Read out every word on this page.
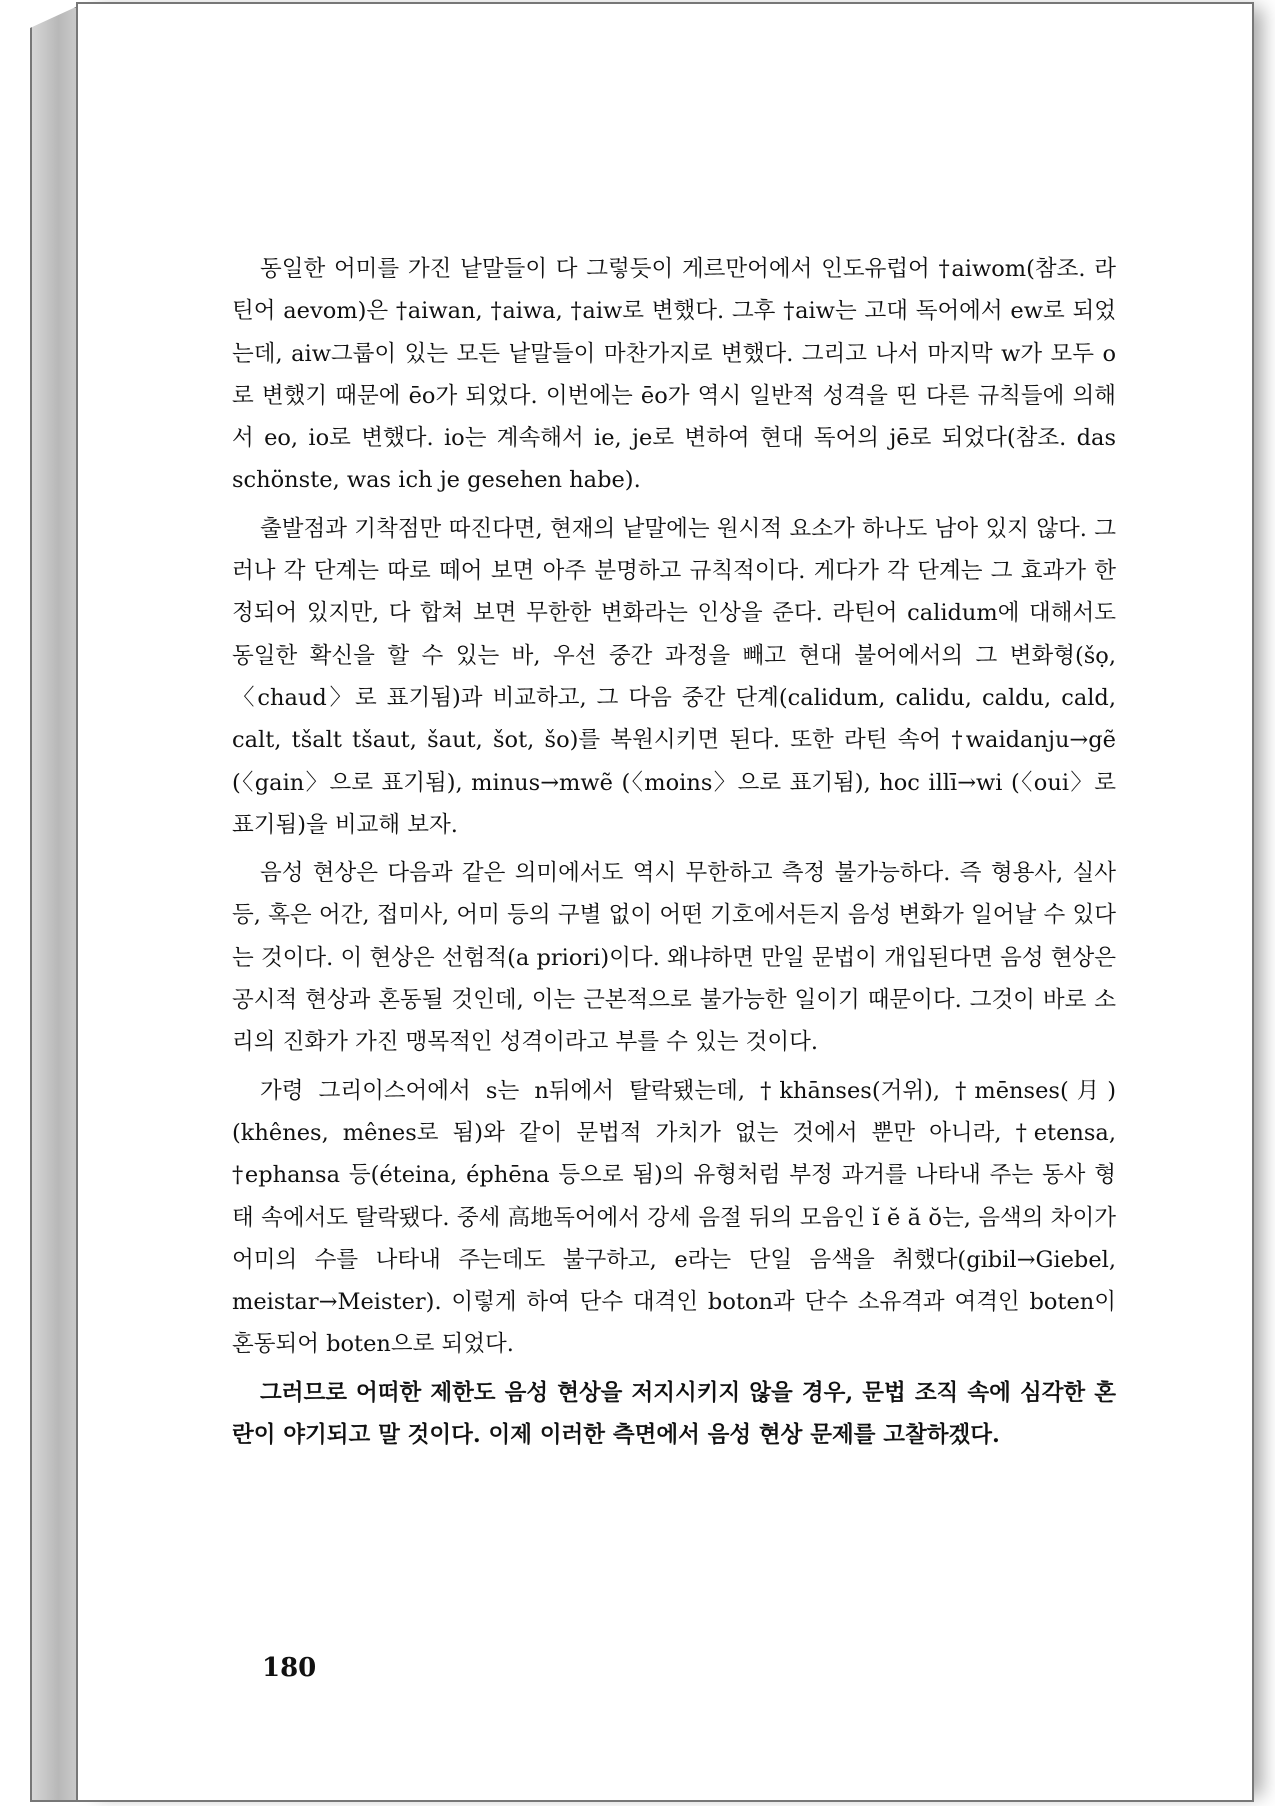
동일한 어미를 가진 낱말들이 다 그렇듯이 게르만어에서 인도유럽어 †aiwom(참조. 라틴어 aevom)은 †aiwan, †aiwa, †aiw로 변했다. 그후 †aiw는 고대 독어에서 ew로 되었는데, aiw그룹이 있는 모든 낱말들이 마찬가지로 변했다. 그리고 나서 마지막 w가 모두 o로 변했기 때문에 ēo가 되었다. 이번에는 ēo가 역시 일반적 성격을 띤 다른 규칙들에 의해서 eo, io로 변했다. io는 계속해서 ie, je로 변하여 현대 독어의 jē로 되었다(참조. das schönste, was ich je gesehen habe).

출발점과 기착점만 따진다면, 현재의 낱말에는 원시적 요소가 하나도 남아 있지 않다. 그러나 각 단계는 따로 떼어 보면 아주 분명하고 규칙적이다. 게다가 각 단계는 그 효과가 한정되어 있지만, 다 합쳐 보면 무한한 변화라는 인상을 준다. 라틴어 calidum에 대해서도 동일한 확신을 할 수 있는 바, 우선 중간 과정을 빼고 현대 불어에서의 그 변화형(šọ, 〈chaud〉로 표기됨)과 비교하고, 그 다음 중간 단계(calidum, calidu, caldu, cald, calt, tšalt tšaut, šaut, šot, šo)를 복원시키면 된다. 또한 라틴 속어 †waidanju→gẽ (〈gain〉으로 표기됨), minus→mwẽ (〈moins〉으로 표기됨), hoc illī→wi (〈oui〉로 표기됨)을 비교해 보자.

음성 현상은 다음과 같은 의미에서도 역시 무한하고 측정 불가능하다. 즉 형용사, 실사 등, 혹은 어간, 접미사, 어미 등의 구별 없이 어떤 기호에서든지 음성 변화가 일어날 수 있다는 것이다. 이 현상은 선험적(a priori)이다. 왜냐하면 만일 문법이 개입된다면 음성 현상은 공시적 현상과 혼동될 것인데, 이는 근본적으로 불가능한 일이기 때문이다. 그것이 바로 소리의 진화가 가진 맹목적인 성격이라고 부를 수 있는 것이다.

가령 그리이스어에서 s는 n뒤에서 탈락됐는데, †khānses(거위), †mēnses(月)(khênes, mênes로 됨)와 같이 문법적 가치가 없는 것에서 뿐만 아니라, †etensa, †ephansa 등(éteina, éphēna 등으로 됨)의 유형처럼 부정 과거를 나타내 주는 동사 형태 속에서도 탈락됐다. 중세 高地독어에서 강세 음절 뒤의 모음인 ĭ ĕ ă ŏ는, 음색의 차이가 어미의 수를 나타내 주는데도 불구하고, e라는 단일 음색을 취했다(gibil→Giebel, meistar→Meister). 이렇게 하여 단수 대격인 boton과 단수 소유격과 여격인 boten이 혼동되어 boten으로 되었다.

그러므로 어떠한 제한도 음성 현상을 저지시키지 않을 경우, 문법 조직 속에 심각한 혼란이 야기되고 말 것이다. 이제 이러한 측면에서 음성 현상 문제를 고찰하겠다.

180
